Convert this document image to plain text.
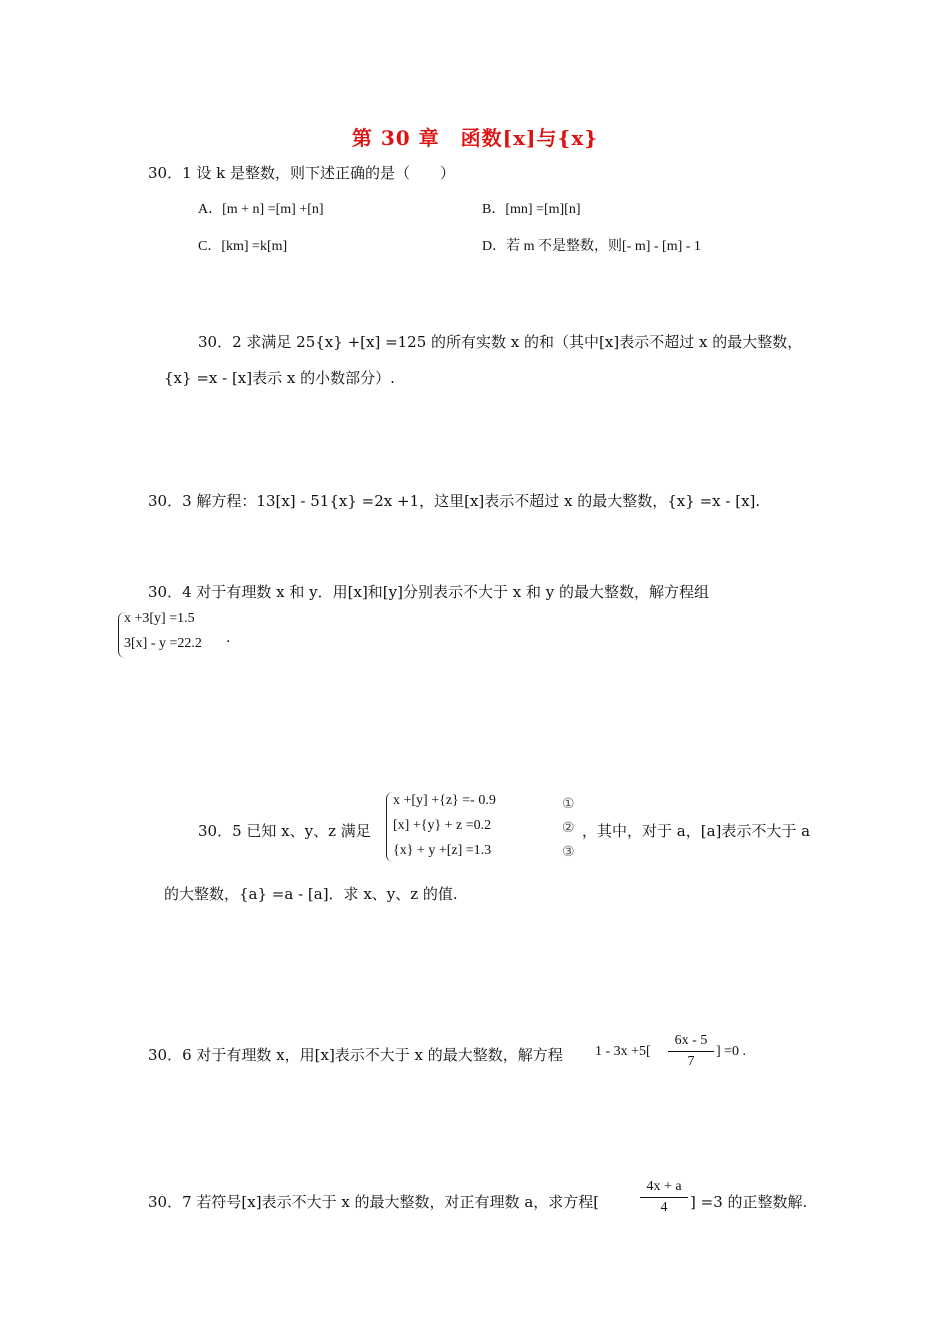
第 30 章　函数[x]与{x}
30．1 设 k 是整数，则下述正确的是（　　）
A．[m + n] =[m] +[n]	B．[mn] =[m][n]
C．[km] =k[m]	D．若 m 不是整数，则[- m] - [m] - 1
30．2 求满足 25{x} +[x] =125 的所有实数 x 的和（其中[x]表示不超过 x 的最大整数，
{x} =x - [x]表示 x 的小数部分）.
30．3 解方程：13[x] - 51{x} =2x +1，这里[x]表示不超过 x 的最大整数，{x} =x - [x].
30．4 对于有理数 x 和 y．用[x]和[y]分别表示不大于 x 和 y 的最大整数，解方程组
x +3[y] =1.5
3[x] - y =22.2 .
30．5 已知 x、y、z 满足
x +[y] +{z} =- 0.9
[x] +{y} + z =0.2
{x} + y +[z] =1.3
①
②
③
，其中，对于 a，[a]表示不大于 a
的大整数，{a} =a - [a]．求 x、y、z 的值.
30．6 对于有理数 x，用[x]表示不大于 x 的最大整数，解方程 $1 - 3x +5[ \frac{6x - 5}{7}$ ] =0 .
30．7 若符号[x]表示不大于 x 的最大整数，对正有理数 a，求方程[	$\frac{4x + a}{4}$ ] =3 的正整数解.
